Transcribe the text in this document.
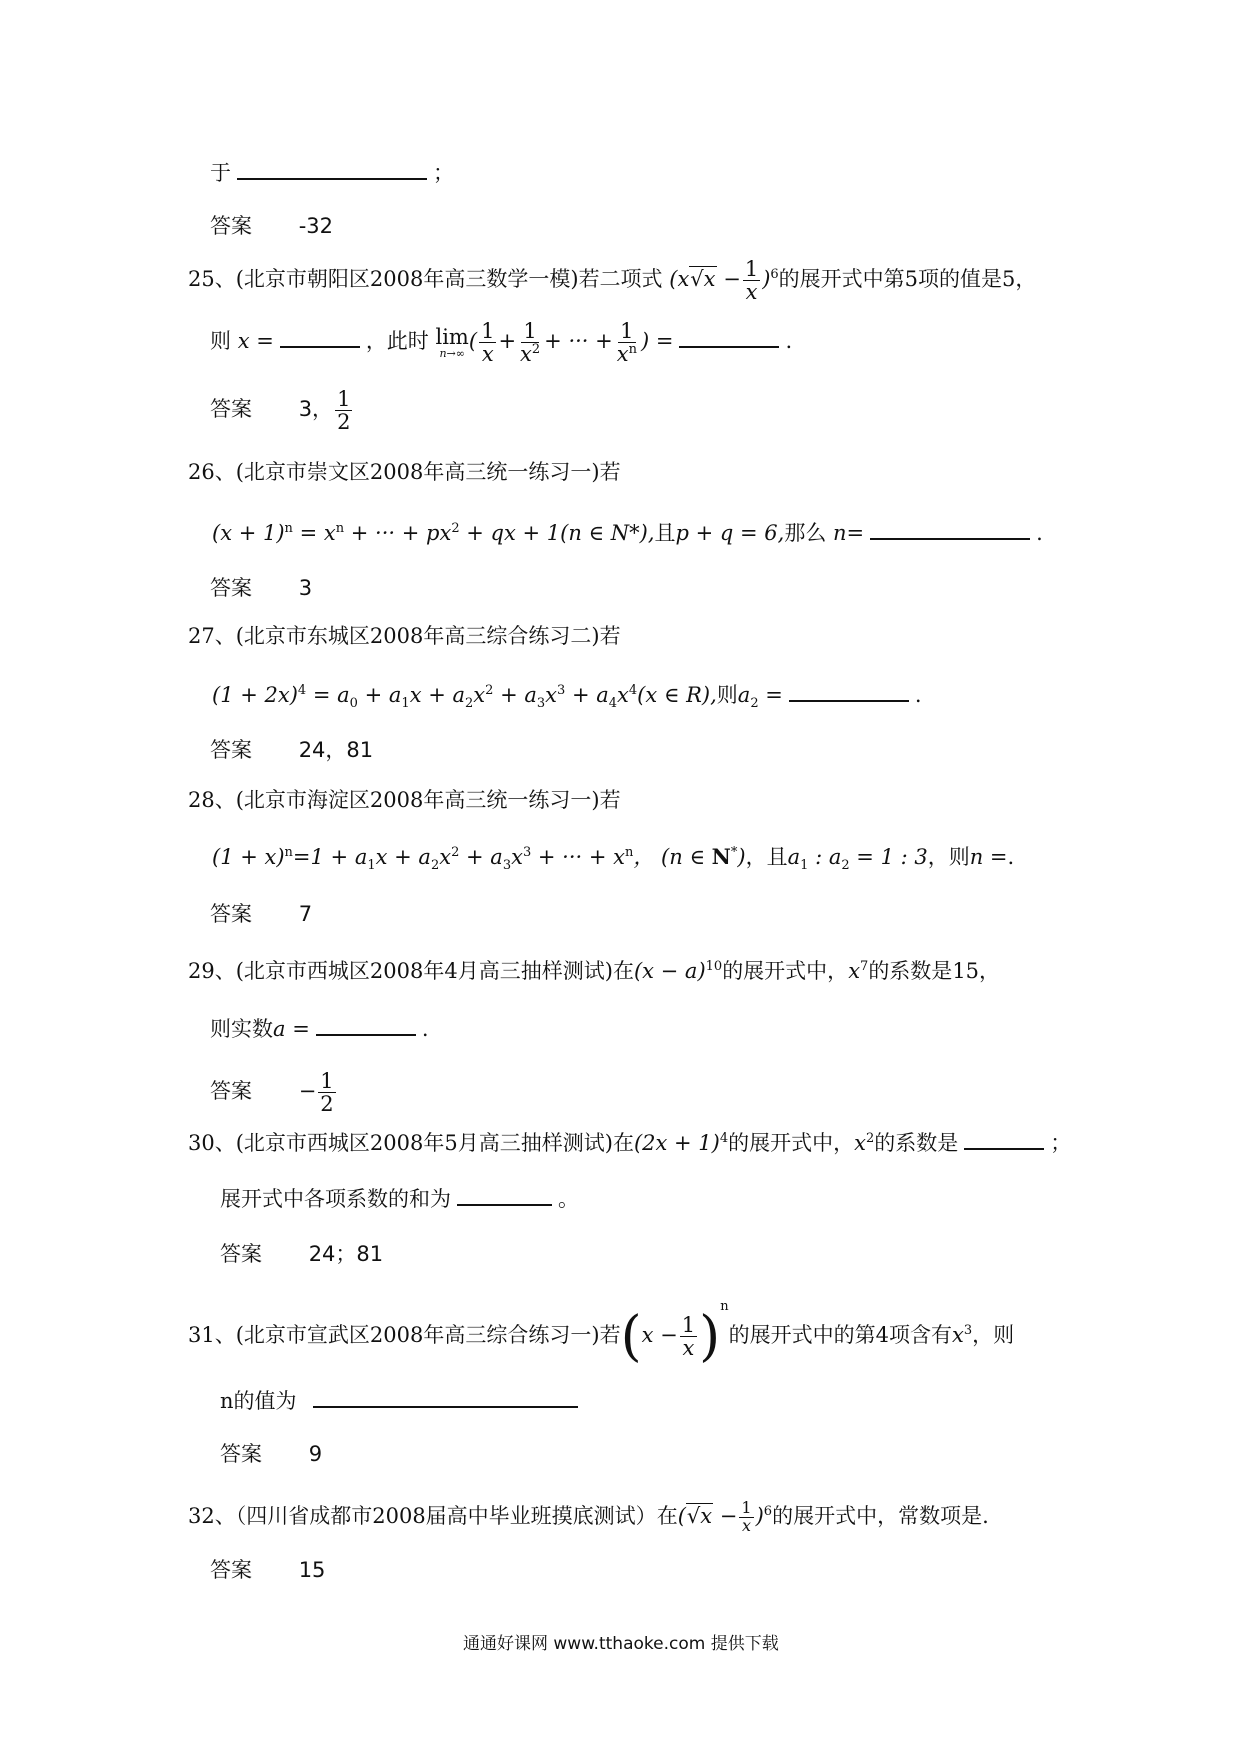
于	；
答案 -32
25、(北京市朝阳区2008年高三数学一模)若二项式 $(x√x - \frac{1}{x} )^6$的展开式中第5项的值是5，
则 x =	，此时 lim
n→∞ ( $\frac{1}{x} + \frac{1}{x^2}$ + ··· + $\frac{1}{x^n}$ ) =	.
答案 3， $\frac{1}{2}$
26、(北京市崇文区2008年高三统一练习一)若
$(x + 1)^n = x^n$ + ··· + $px^2$ + qx + 1(n ∈ N*),且p + q = 6,那么 n=	.
答案 3
27、(北京市东城区2008年高三综合练习二)若
$(1 + 2x)^4 = a_0 + a_1x + a_2x^2 + a_3x^3 + a_4x^4(x$ ∈ R),则$a_2$ =	.
答案 24，81
28、(北京市海淀区2008年高三统一练习一)若
$(1 + x)^n=1 + a_1x + a_2x^2 + a_3x^3$ + ··· + $x^n$， (n ∈ N*)，且$a_1$ : $a_2 = 1$ : 3，则n =.
答案 7
29、(北京市西城区2008年4月高三抽样测试)在$(x - a)^{10}$的展开式中，$x^7$的系数是15，
则实数a =	.
答案 − $\frac{1}{2}$
30、(北京市西城区2008年5月高三抽样测试)在$(2x + 1)^4$的展开式中，$x^2$的系数是	；
展开式中各项系数的和为	。
答案 24；81
31、(北京市宣武区2008年高三综合练习一)若$(x - \frac{1}{x} )^n$的展开式中的第4项含有$x^3$，则
n的值为
答案 9
32、（四川省成都市2008届高中毕业班摸底测试）在$(√x - \frac{1}{x} )^6$的展开式中，常数项是.
答案 15
通通好课网 www.tthaoke.com 提供下载
